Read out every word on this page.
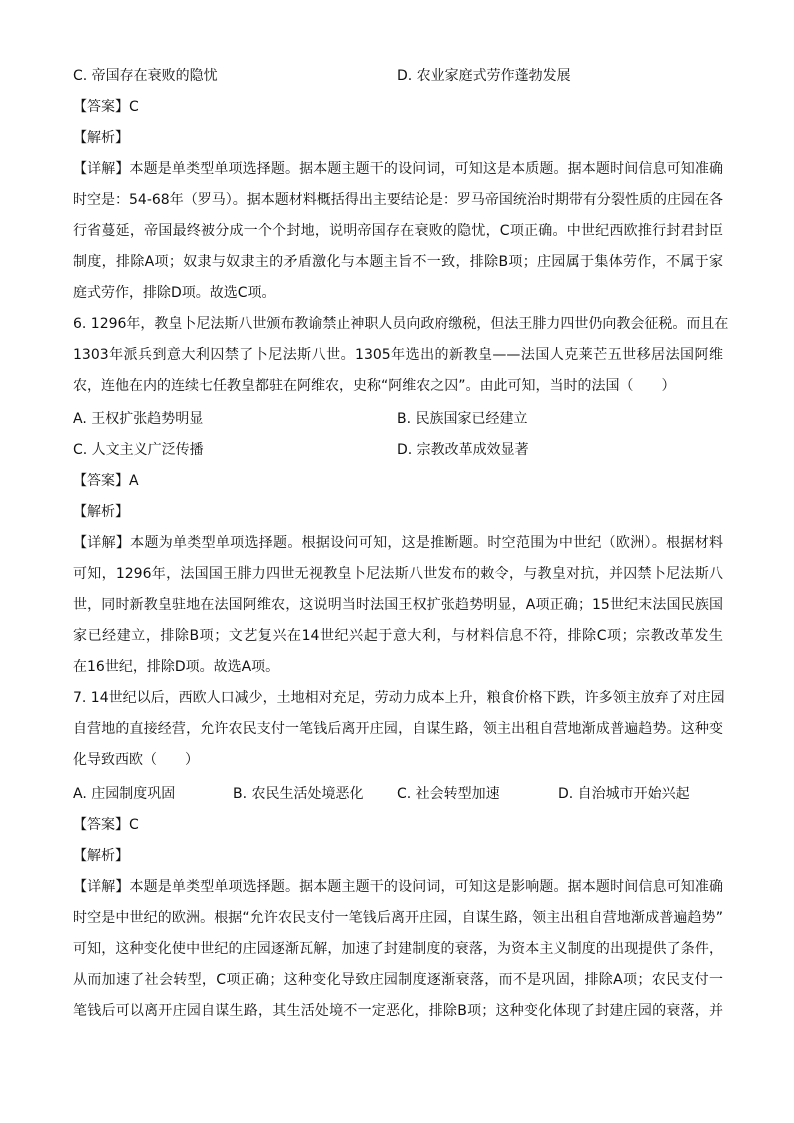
C. 帝国存在衰败的隐忧	D. 农业家庭式劳作蓬勃发展
【答案】C
【解析】
【详解】本题是单类型单项选择题。据本题主题干的设问词，可知这是本质题。据本题时间信息可知准确
时空是：54-68年（罗马）。据本题材料概括得出主要结论是：罗马帝国统治时期带有分裂性质的庄园在各
行省蔓延，帝国最终被分成一个个封地，说明帝国存在衰败的隐忧，C项正确。中世纪西欧推行封君封臣
制度，排除A项；奴隶与奴隶主的矛盾激化与本题主旨不一致，排除B项；庄园属于集体劳作，不属于家
庭式劳作，排除D项。故选C项。
6. 1296年，教皇卜尼法斯八世颁布教谕禁止神职人员向政府缴税，但法王腓力四世仍向教会征税。而且在
1303年派兵到意大利囚禁了卜尼法斯八世。1305年选出的新教皇——法国人克莱芒五世移居法国阿维
农，连他在内的连续七任教皇都驻在阿维农，史称“阿维农之囚”。由此可知，当时的法国（　　）
A. 王权扩张趋势明显	B. 民族国家已经建立
C. 人文主义广泛传播	D. 宗教改革成效显著
【答案】A
【解析】
【详解】本题为单类型单项选择题。根据设问可知，这是推断题。时空范围为中世纪（欧洲）。根据材料
可知，1296年，法国国王腓力四世无视教皇卜尼法斯八世发布的敕令，与教皇对抗，并囚禁卜尼法斯八
世，同时新教皇驻地在法国阿维农，这说明当时法国王权扩张趋势明显，A项正确；15世纪末法国民族国
家已经建立，排除B项；文艺复兴在14世纪兴起于意大利，与材料信息不符，排除C项；宗教改革发生
在16世纪，排除D项。故选A项。
7. 14世纪以后，西欧人口减少，土地相对充足，劳动力成本上升，粮食价格下跌，许多领主放弃了对庄园
自营地的直接经营，允许农民支付一笔钱后离开庄园，自谋生路，领主出租自营地渐成普遍趋势。这种变
化导致西欧（　　）
A. 庄园制度巩固	B. 农民生活处境恶化 C. 社会转型加速	D. 自治城市开始兴起
【答案】C
【解析】
【详解】本题是单类型单项选择题。据本题主题干的设问词，可知这是影响题。据本题时间信息可知准确
时空是中世纪的欧洲。根据“允许农民支付一笔钱后离开庄园，自谋生路，领主出租自营地渐成普遍趋势”
可知，这种变化使中世纪的庄园逐渐瓦解，加速了封建制度的衰落，为资本主义制度的出现提供了条件，
从而加速了社会转型，C项正确；这种变化导致庄园制度逐渐衰落，而不是巩固，排除A项；农民支付一
笔钱后可以离开庄园自谋生路，其生活处境不一定恶化，排除B项；这种变化体现了封建庄园的衰落，并
